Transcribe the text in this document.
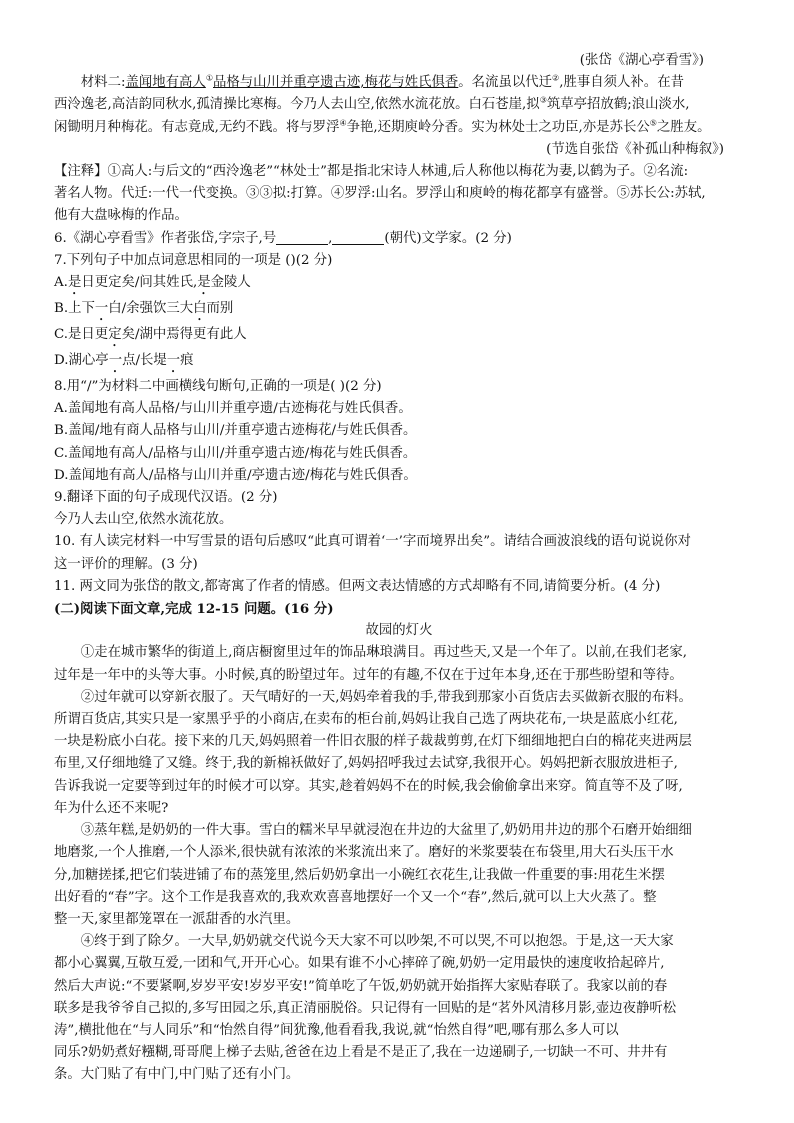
(张岱《湖心亭看雪》)
材料二:盖闻地有高人①品格与山川并重亭遗古迹,梅花与姓氏俱香。名流虽以代迁②,胜事自须人补。在昔
西泠逸老,高洁韵同秋水,孤清操比寒梅。今乃人去山空,依然水流花放。白石苍崖,拟③筑草亭招放鹤;浪山淡水,
闲锄明月种梅花。有志竟成,无约不践。将与罗浮④争艳,还期庾岭分香。实为林处士之功臣,亦是苏长公⑤之胜友。
(节选自张岱《补孤山种梅叙》)
【注释】①高人:与后文的“西泠逸老”“林处士”都是指北宋诗人林逋,后人称他以梅花为妻,以鹤为子。②名流:
著名人物。代迁:一代一代变换。③③拟:打算。④罗浮:山名。罗浮山和庾岭的梅花都享有盛誉。⑤苏长公:苏轼,
他有大盘咏梅的作品。
6.《湖心亭看雪》作者张岱,字宗子,号	,	(朝代)文学家。(2 分)
7.下列句子中加点词意思相同的一项是 ()(2 分)
A.是日更定矣/问其姓氏,是金陵人
B.上下一白/余强饮三大白而别
C.是日更定矣/湖中焉得更有此人
D.湖心亭一点/长堤一痕
8.用“/”为材料二中画横线句断句,正确的一项是( )(2 分)
A.盖闻地有高人品格/与山川并重亭遗/古迹梅花与姓氏俱香。
B.盖闻/地有商人品格与山川/并重亭遗古迹梅花/与姓氏俱香。
C.盖闻地有高人/品格与山川/并重亭遗古迹/梅花与姓氏俱香。
D.盖闻地有高人/品格与山川并重/亭遗古迹/梅花与姓氏俱香。
9.翻译下面的句子成现代汉语。(2 分)
今乃人去山空,依然水流花放。
10. 有人读完材料一中写雪景的语句后感叹“此真可谓着‘一’字而境界出矣”。请结合画波浪线的语句说说你对
这一评价的理解。(3 分)
11. 两文同为张岱的散文,都寄寓了作者的情感。但两文表达情感的方式却略有不同,请简要分析。(4 分)
(二)阅读下面文章,完成 12-15 问题。(16 分)
故园的灯火
①走在城市繁华的街道上,商店橱窗里过年的饰品琳琅满目。再过些天,又是一个年了。以前,在我们老家,
过年是一年中的头等大事。小时候,真的盼望过年。过年的有趣,不仅在于过年本身,还在于那些盼望和等待。
②过年就可以穿新衣服了。天气晴好的一天,妈妈牵着我的手,带我到那家小百货店去买做新衣服的布料。
所谓百货店,其实只是一家黑乎乎的小商店,在卖布的柜台前,妈妈让我自己选了两块花布,一块是蓝底小红花,
一块是粉底小白花。接下来的几天,妈妈照着一件旧衣服的样子裁裁剪剪,在灯下细细地把白白的棉花夹进两层
布里,又仔细地缝了又缝。终于,我的新棉袄做好了,妈妈招呼我过去试穿,我很开心。妈妈把新衣服放进柜子,
告诉我说一定要等到过年的时候才可以穿。其实,趁着妈妈不在的时候,我会偷偷拿出来穿。简直等不及了呀,
年为什么还不来呢?
③蒸年糕,是奶奶的一件大事。雪白的糯米早早就浸泡在井边的大盆里了,奶奶用井边的那个石磨开始细细
地磨浆,一个人推磨,一个人添米,很快就有浓浓的米浆流出来了。磨好的米浆要装在布袋里,用大石头压干水
分,加糖搓揉,把它们装进铺了布的蒸笼里,然后奶奶拿出一小碗红衣花生,让我做一件重要的事:用花生米摆
出好看的“春”字。这个工作是我喜欢的,我欢欢喜喜地摆好一个又一个“春”,然后,就可以上大火蒸了。整
整一天,家里都笼罩在一派甜香的水汽里。
④终于到了除夕。一大早,奶奶就交代说今天大家不可以吵架,不可以哭,不可以抱怨。于是,这一天大家
都小心翼翼,互敬互爱,一团和气,开开心心。如果有谁不小心摔碎了碗,奶奶一定用最快的速度收拾起碎片,
然后大声说:“不要紧啊,岁岁平安!岁岁平安!”简单吃了午饭,奶奶就开始指挥大家贴春联了。我家以前的春
联多是我爷爷自己拟的,多写田园之乐,真正清丽脱俗。只记得有一回贴的是“茗外风清移月影,壶边夜静听松
涛”,横批他在“与人同乐”和“怡然自得”间犹豫,他看看我,我说,就“怡然自得”吧,哪有那么多人可以
同乐?奶奶煮好糨糊,哥哥爬上梯子去贴,爸爸在边上看是不是正了,我在一边递刷子,一切缺一不可、井井有
条。大门贴了有中门,中门贴了还有小门。
